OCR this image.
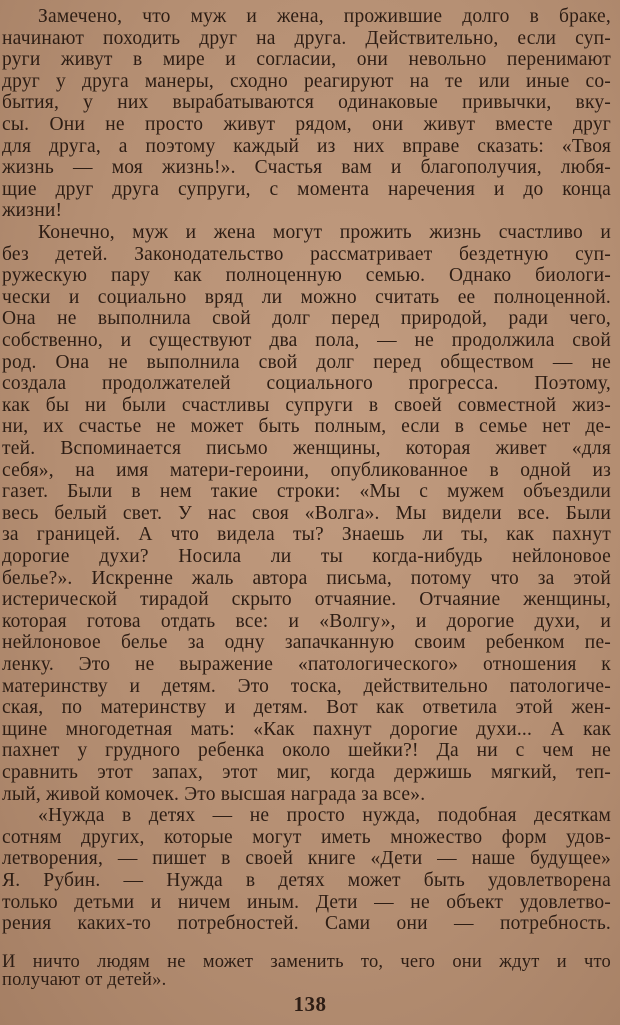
Замечено, что муж и жена, прожившие долго в браке,
начинают походить друг на друга. Действительно, если суп-
руги живут в мире и согласии, они невольно перенимают
друг у друга манеры, сходно реагируют на те или иные со-
бытия, у них вырабатываются одинаковые привычки, вку-
сы. Они не просто живут рядом, они живут вместе друг
для друга, а поэтому каждый из них вправе сказать: «Твоя
жизнь — моя жизнь!». Счастья вам и благополучия, любя-
щие друг друга супруги, с момента наречения и до конца
жизни!
Конечно, муж и жена могут прожить жизнь счастливо и
без детей. Законодательство рассматривает бездетную суп-
ружескую пару как полноценную семью. Однако биологи-
чески и социально вряд ли можно считать ее полноценной.
Она не выполнила свой долг перед природой, ради чего,
собственно, и существуют два пола, — не продолжила свой
род. Она не выполнила свой долг перед обществом — не
создала продолжателей социального прогресса. Поэтому,
как бы ни были счастливы супруги в своей совместной жиз-
ни, их счастье не может быть полным, если в семье нет де-
тей. Вспоминается письмо женщины, которая живет «для
себя», на имя матери-героини, опубликованное в одной из
газет. Были в нем такие строки: «Мы с мужем объездили
весь белый свет. У нас своя «Волга». Мы видели все. Были
за границей. А что видела ты? Знаешь ли ты, как пахнут
дорогие духи? Носила ли ты когда-нибудь нейлоновое
белье?». Искренне жаль автора письма, потому что за этой
истерической тирадой скрыто отчаяние. Отчаяние женщины,
которая готова отдать все: и «Волгу», и дорогие духи, и
нейлоновое белье за одну запачканную своим ребенком пе-
ленку. Это не выражение «патологического» отношения к
материнству и детям. Это тоска, действительно патологиче-
ская, по материнству и детям. Вот как ответила этой жен-
щине многодетная мать: «Как пахнут дорогие духи... А как
пахнет у грудного ребенка около шейки?! Да ни с чем не
сравнить этот запах, этот миг, когда держишь мягкий, теп-
лый, живой комочек. Это высшая награда за все».
«Нужда в детях — не просто нужда, подобная десяткам
сотням других, которые могут иметь множество форм удов-
летворения, — пишет в своей книге «Дети — наше будущее»
Я. Рубин. — Нужда в детях может быть удовлетворена
только детьми и ничем иным. Дети — не объект удовлетво-
рения каких-то потребностей. Сами они — потребность.
И ничто людям не может заменить то, чего они ждут и что
получают от детей».
138
